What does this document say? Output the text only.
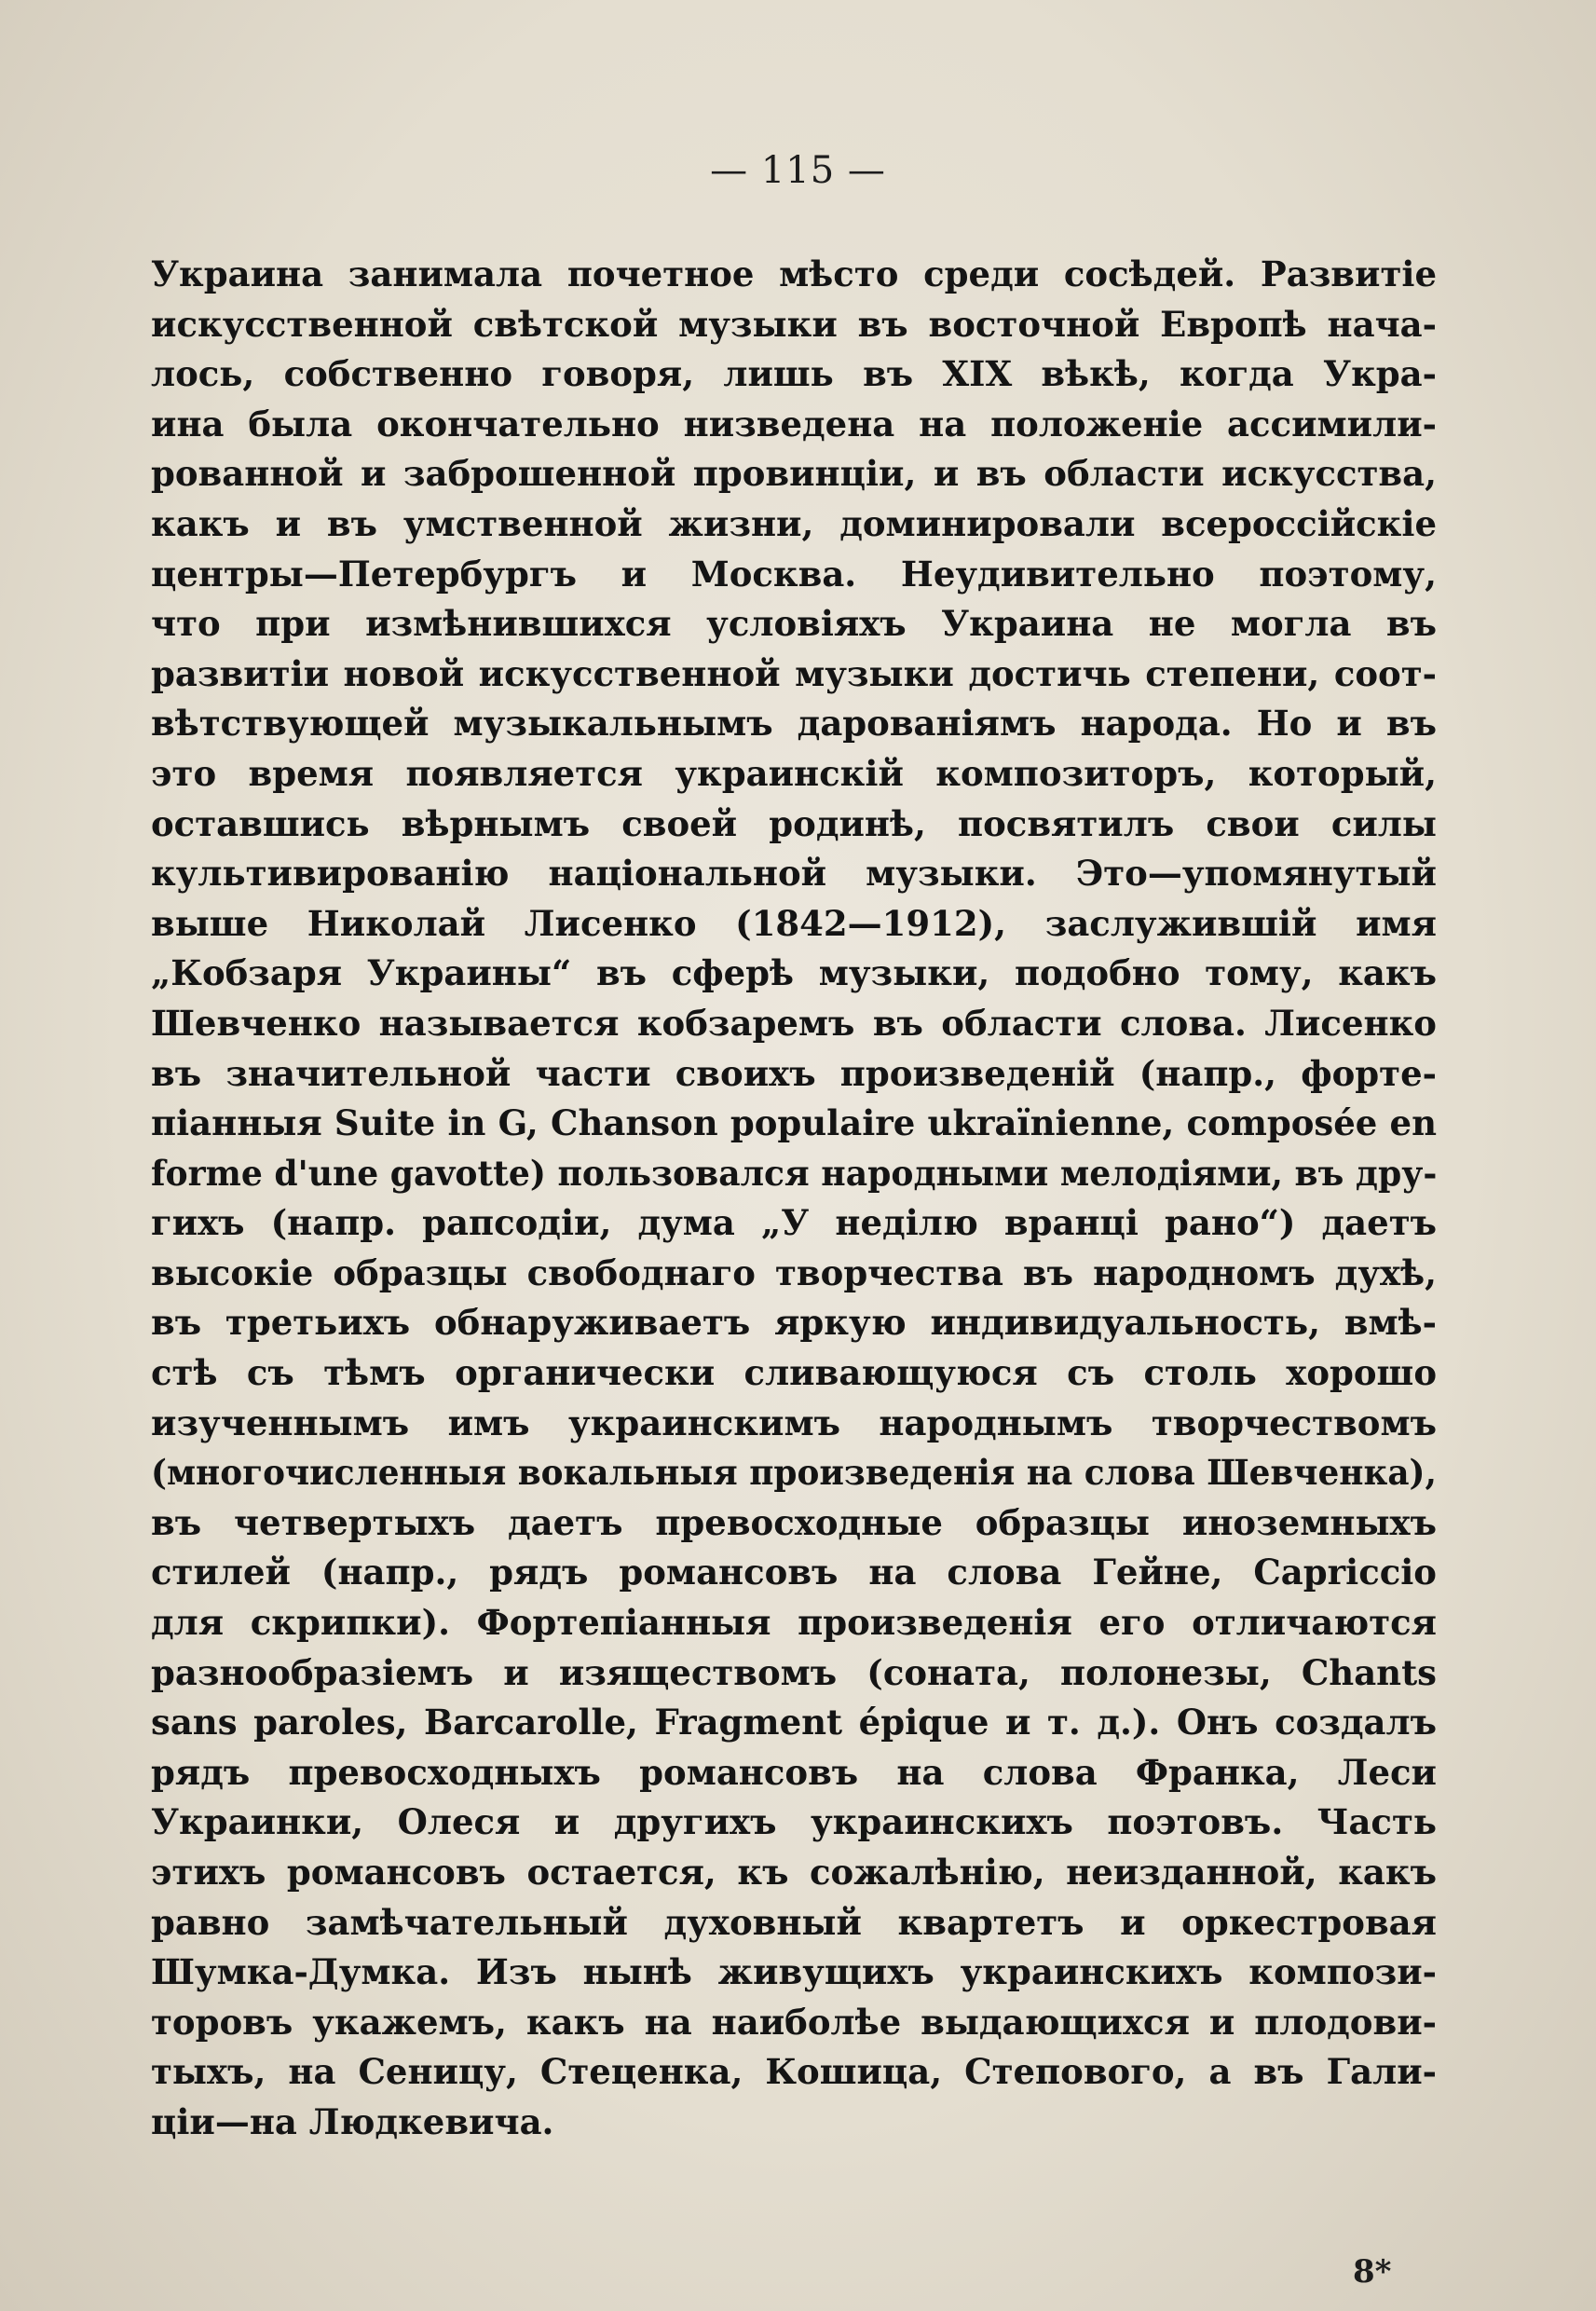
— 115 —
Украина занимала почетное мѣсто среди сосѣдей. Развитіе
искусственной свѣтской музыки въ восточной Европѣ нача-
лось, собственно говоря, лишь въ XIX вѣкѣ, когда Укра-
ина была окончательно низведена на положеніе ассимили-
рованной и заброшенной провинціи, и въ области искусства,
какъ и въ умственной жизни, доминировали всероссійскіе
центры—Петербургъ и Москва. Неудивительно поэтому,
что при измѣнившихся условіяхъ Украина не могла въ
развитіи новой искусственной музыки достичь степени, соот-
вѣтствующей музыкальнымъ дарованіямъ народа. Но и въ
это время появляется украинскій композиторъ, который,
оставшись вѣрнымъ своей родинѣ, посвятилъ свои силы
культивированію національной музыки. Это—упомянутый
выше Николай Лисенко (1842—1912), заслужившій имя
„Кобзаря Украины“ въ сферѣ музыки, подобно тому, какъ
Шевченко называется кобзаремъ въ области слова. Лисенко
въ значительной части своихъ произведеній (напр., форте-
піанныя Suite in G, Chanson populaire ukraïnienne, composée en
forme d'une gavotte) пользовался народными мелодіями, въ дру-
гихъ (напр. рапсодіи, дума „У неділю вранці рано“) даетъ
высокіе образцы свободнаго творчества въ народномъ духѣ,
въ третьихъ обнаруживаетъ яркую индивидуальность, вмѣ-
стѣ съ тѣмъ органически сливающуюся съ столь хорошо
изученнымъ имъ украинскимъ народнымъ творчествомъ
(многочисленныя вокальныя произведенія на слова Шевченка),
въ четвертыхъ даетъ превосходные образцы иноземныхъ
стилей (напр., рядъ романсовъ на слова Гейне, Capriccio
для скрипки). Фортепіанныя произведенія его отличаются
разнообразіемъ и изяществомъ (соната, полонезы, Chants
sans paroles, Barcarolle, Fragment épique и т. д.). Онъ создалъ
рядъ превосходныхъ романсовъ на слова Франка, Леси
Украинки, Олеся и другихъ украинскихъ поэтовъ. Часть
этихъ романсовъ остается, къ сожалѣнію, неизданной, какъ
равно замѣчательный духовный квартетъ и оркестровая
Шумка-Думка. Изъ нынѣ живущихъ украинскихъ компози-
торовъ укажемъ, какъ на наиболѣе выдающихся и плодови-
тыхъ, на Сеницу, Стеценка, Кошица, Степового, а въ Гали-
ціи—на Людкевича.
8*
